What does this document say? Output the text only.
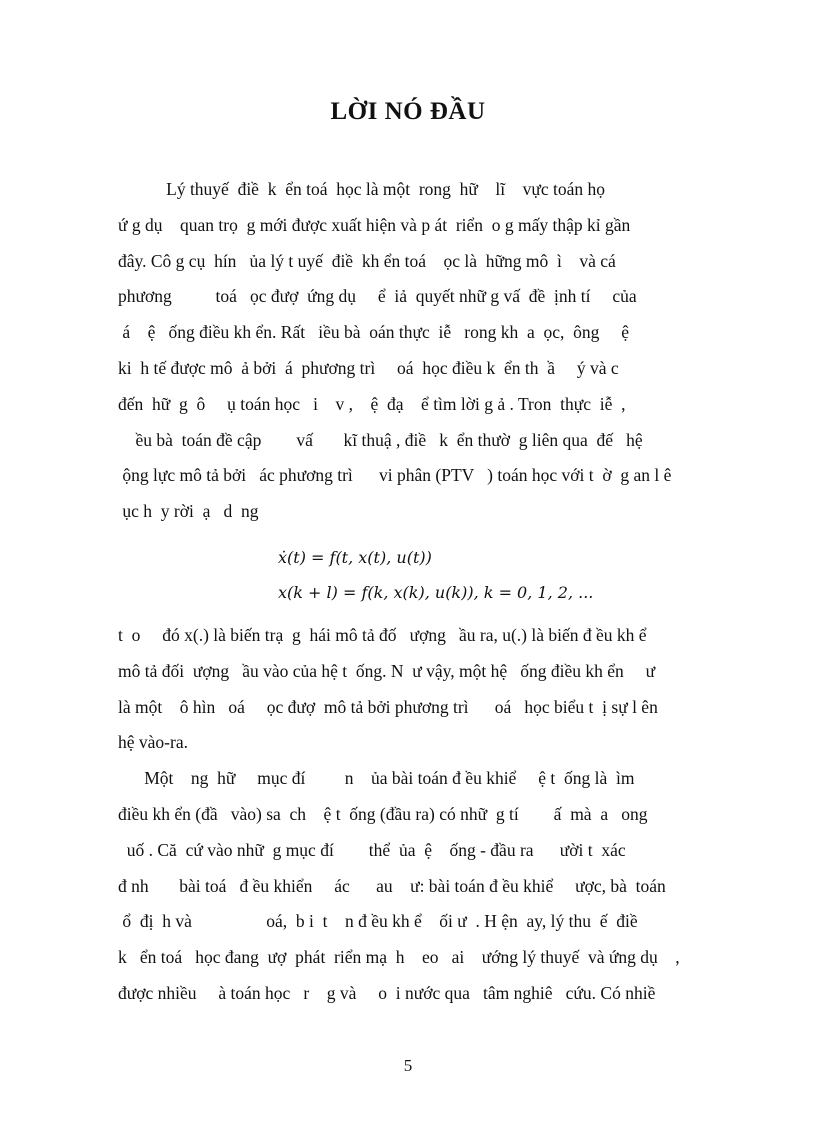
LỜI NÓ ĐẦU
Lý thuyế  điề  k  ển toá  học là một  rong  hữ    lĩ    vực toán họ
ứ g dụ    quan trọ  g mới được xuất hiện và p át  riển  o g mấy thập kỉ gần
đây. Cô g cụ  hín   ủa lý t uyế  điề  kh ển toá    ọc là  hững mô  ì    và cá
phương          toá   ọc đượ  ứng dụ     ể  iả  quyết nhữ g vấ  đề  ịnh tí     của
á    ệ   ống điều kh ển. Rất   iều bà  oán thực  iễ   rong kh  a  ọc,  ông     ệ
ki  h tế được mô  ả bởi  á  phương trì     oá  học điều k  ển th  ầ     ý và c
đến  hữ  g  ô     ụ toán học   i    v ,    ệ  đạ    ể tìm lời g ả . Tron  thực  iễ  ,
ều bà  toán đề cập        vấ       kĩ thuậ , điề   k  ển thườ  g liên qua  đế   hệ
ộng lực mô tả bởi   ác phương trì      vi phân (PTV   ) toán học với t  ờ  g an l ê
ục h  y rời  ạ   d  ng
ẋ(t) = f(t, x(t), u(t))
x(k + l) = f(k, x(k), u(k)), k = 0, 1, 2, ...
t  o     đó x(.) là biến trạ  g  hái mô tả đố   ượng   ầu ra, u(.) là biến đ ều kh ể
mô tả đối  ượng   ầu vào của hệ t  ống. N  ư vậy, một hệ   ống điều kh ển     ư
là một    ô hìn   oá     ọc đượ  mô tả bởi phương trì      oá   học biểu t  ị sự l ên
hệ vào-ra.
Một    ng  hữ     mục đí         n    ủa bài toán đ ều khiể     ệ t  ống là  ìm
điều kh ển (đầ   vào) sa  ch    ệ t  ống (đầu ra) có nhữ  g tí        ấ  mà  a   ong
uố . Că  cứ vào nhữ  g mục đí        thể  ủa  ệ    ống - đầu ra      ười t  xác
đ nh       bài toá   đ ều khiển     ác      au    ư: bài toán đ ều khiể     ược, bà  toán
ổ  đị  h và                 oá,  b i  t    n đ ều kh ể    ối ư  . H ện  ay, lý thu  ế  điề
k   ển toá   học đang  ượ  phát  riển mạ  h    eo   ai    ướng lý thuyế  và ứng dụ    ,
được nhiều     à toán học   r    g và     o  i nước qua   tâm nghiê   cứu. Có nhiề
5
